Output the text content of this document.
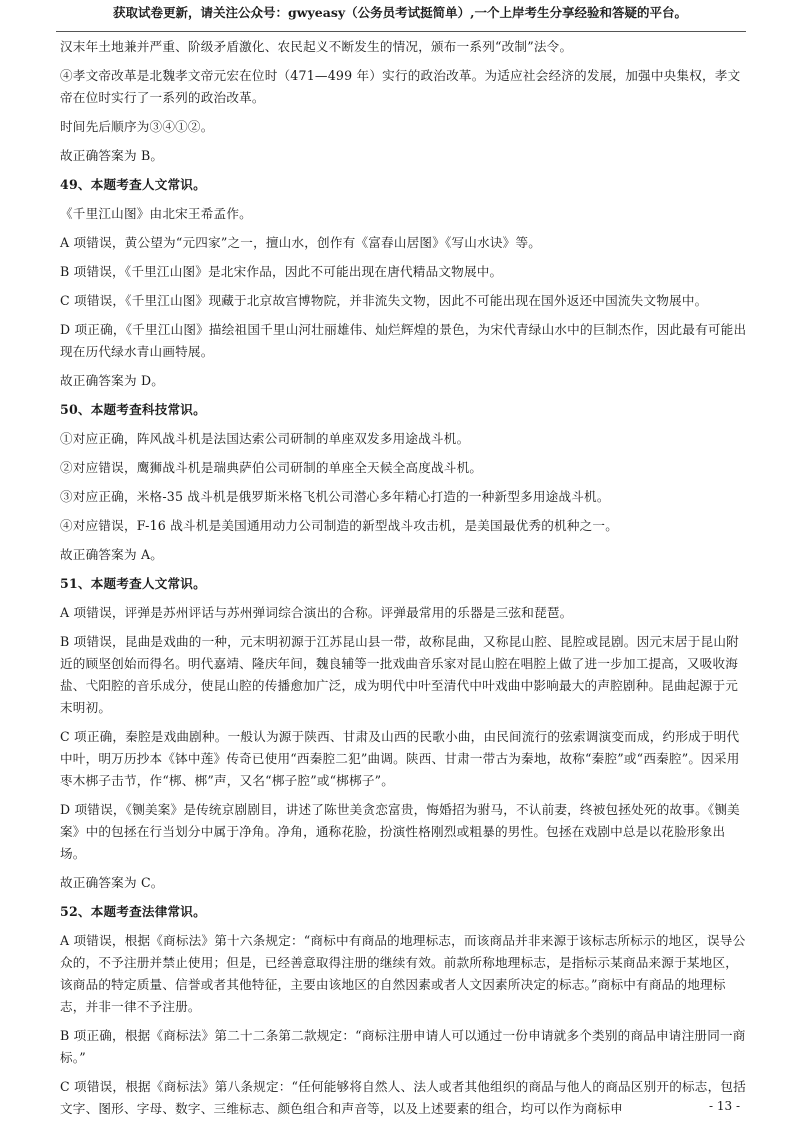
获取试卷更新，请关注公众号：gwyeasy（公务员考试挺简单）,一个上岸考生分享经验和答疑的平台。

汉末年土地兼并严重、阶级矛盾激化、农民起义不断发生的情况，颁布一系列“改制”法令。

④孝文帝改革是北魏孝文帝元宏在位时（471—499 年）实行的政治改革。为适应社会经济的发展，加强中央集权，孝文帝在位时实行了一系列的政治改革。

时间先后顺序为③④①②。

故正确答案为 B。

49、本题考查人文常识。

《千里江山图》由北宋王希孟作。

A 项错误，黄公望为“元四家”之一，擅山水，创作有《富春山居图》《写山水诀》等。

B 项错误，《千里江山图》是北宋作品，因此不可能出现在唐代精品文物展中。

C 项错误，《千里江山图》现藏于北京故宫博物院，并非流失文物，因此不可能出现在国外返还中国流失文物展中。

D 项正确，《千里江山图》描绘祖国千里山河壮丽雄伟、灿烂辉煌的景色，为宋代青绿山水中的巨制杰作，因此最有可能出现在历代绿水青山画特展。

故正确答案为 D。

50、本题考查科技常识。

①对应正确，阵风战斗机是法国达索公司研制的单座双发多用途战斗机。

②对应错误，鹰狮战斗机是瑞典萨伯公司研制的单座全天候全高度战斗机。

③对应正确，米格-35 战斗机是俄罗斯米格飞机公司潜心多年精心打造的一种新型多用途战斗机。

④对应错误，F-16 战斗机是美国通用动力公司制造的新型战斗攻击机，是美国最优秀的机种之一。

故正确答案为 A。

51、本题考查人文常识。

A 项错误，评弹是苏州评话与苏州弹词综合演出的合称。评弹最常用的乐器是三弦和琵琶。

B 项错误，昆曲是戏曲的一种，元末明初源于江苏昆山县一带，故称昆曲，又称昆山腔、昆腔或昆剧。因元末居于昆山附近的顾坚创始而得名。明代嘉靖、隆庆年间，魏良辅等一批戏曲音乐家对昆山腔在唱腔上做了进一步加工提高，又吸收海盐、弋阳腔的音乐成分，使昆山腔的传播愈加广泛，成为明代中叶至清代中叶戏曲中影响最大的声腔剧种。昆曲起源于元末明初。

C 项正确，秦腔是戏曲剧种。一般认为源于陕西、甘肃及山西的民歌小曲，由民间流行的弦索调演变而成，约形成于明代中叶，明万历抄本《钵中莲》传奇已使用“西秦腔二犯”曲调。陕西、甘肃一带古为秦地，故称“秦腔”或“西秦腔”。因采用枣木梆子击节，作“梆、梆”声，又名“梆子腔”或“梆梆子”。

D 项错误，《铡美案》是传统京剧剧目，讲述了陈世美贪恋富贵，悔婚招为驸马，不认前妻，终被包拯处死的故事。《铡美案》中的包拯在行当划分中属于净角。净角，通称花脸，扮演性格刚烈或粗暴的男性。包拯在戏剧中总是以花脸形象出场。

故正确答案为 C。

52、本题考查法律常识。

A 项错误，根据《商标法》第十六条规定：“商标中有商品的地理标志，而该商品并非来源于该标志所标示的地区，误导公众的，不予注册并禁止使用；但是，已经善意取得注册的继续有效。前款所称地理标志，是指标示某商品来源于某地区，该商品的特定质量、信誉或者其他特征，主要由该地区的自然因素或者人文因素所决定的标志。”商标中有商品的地理标志，并非一律不予注册。

B 项正确，根据《商标法》第二十二条第二款规定：“商标注册申请人可以通过一份申请就多个类别的商品申请注册同一商标。”

C 项错误，根据《商标法》第八条规定：“任何能够将自然人、法人或者其他组织的商品与他人的商品区别开的标志，包括文字、图形、字母、数字、三维标志、颜色组合和声音等，以及上述要素的组合，均可以作为商标申	- 13 -
